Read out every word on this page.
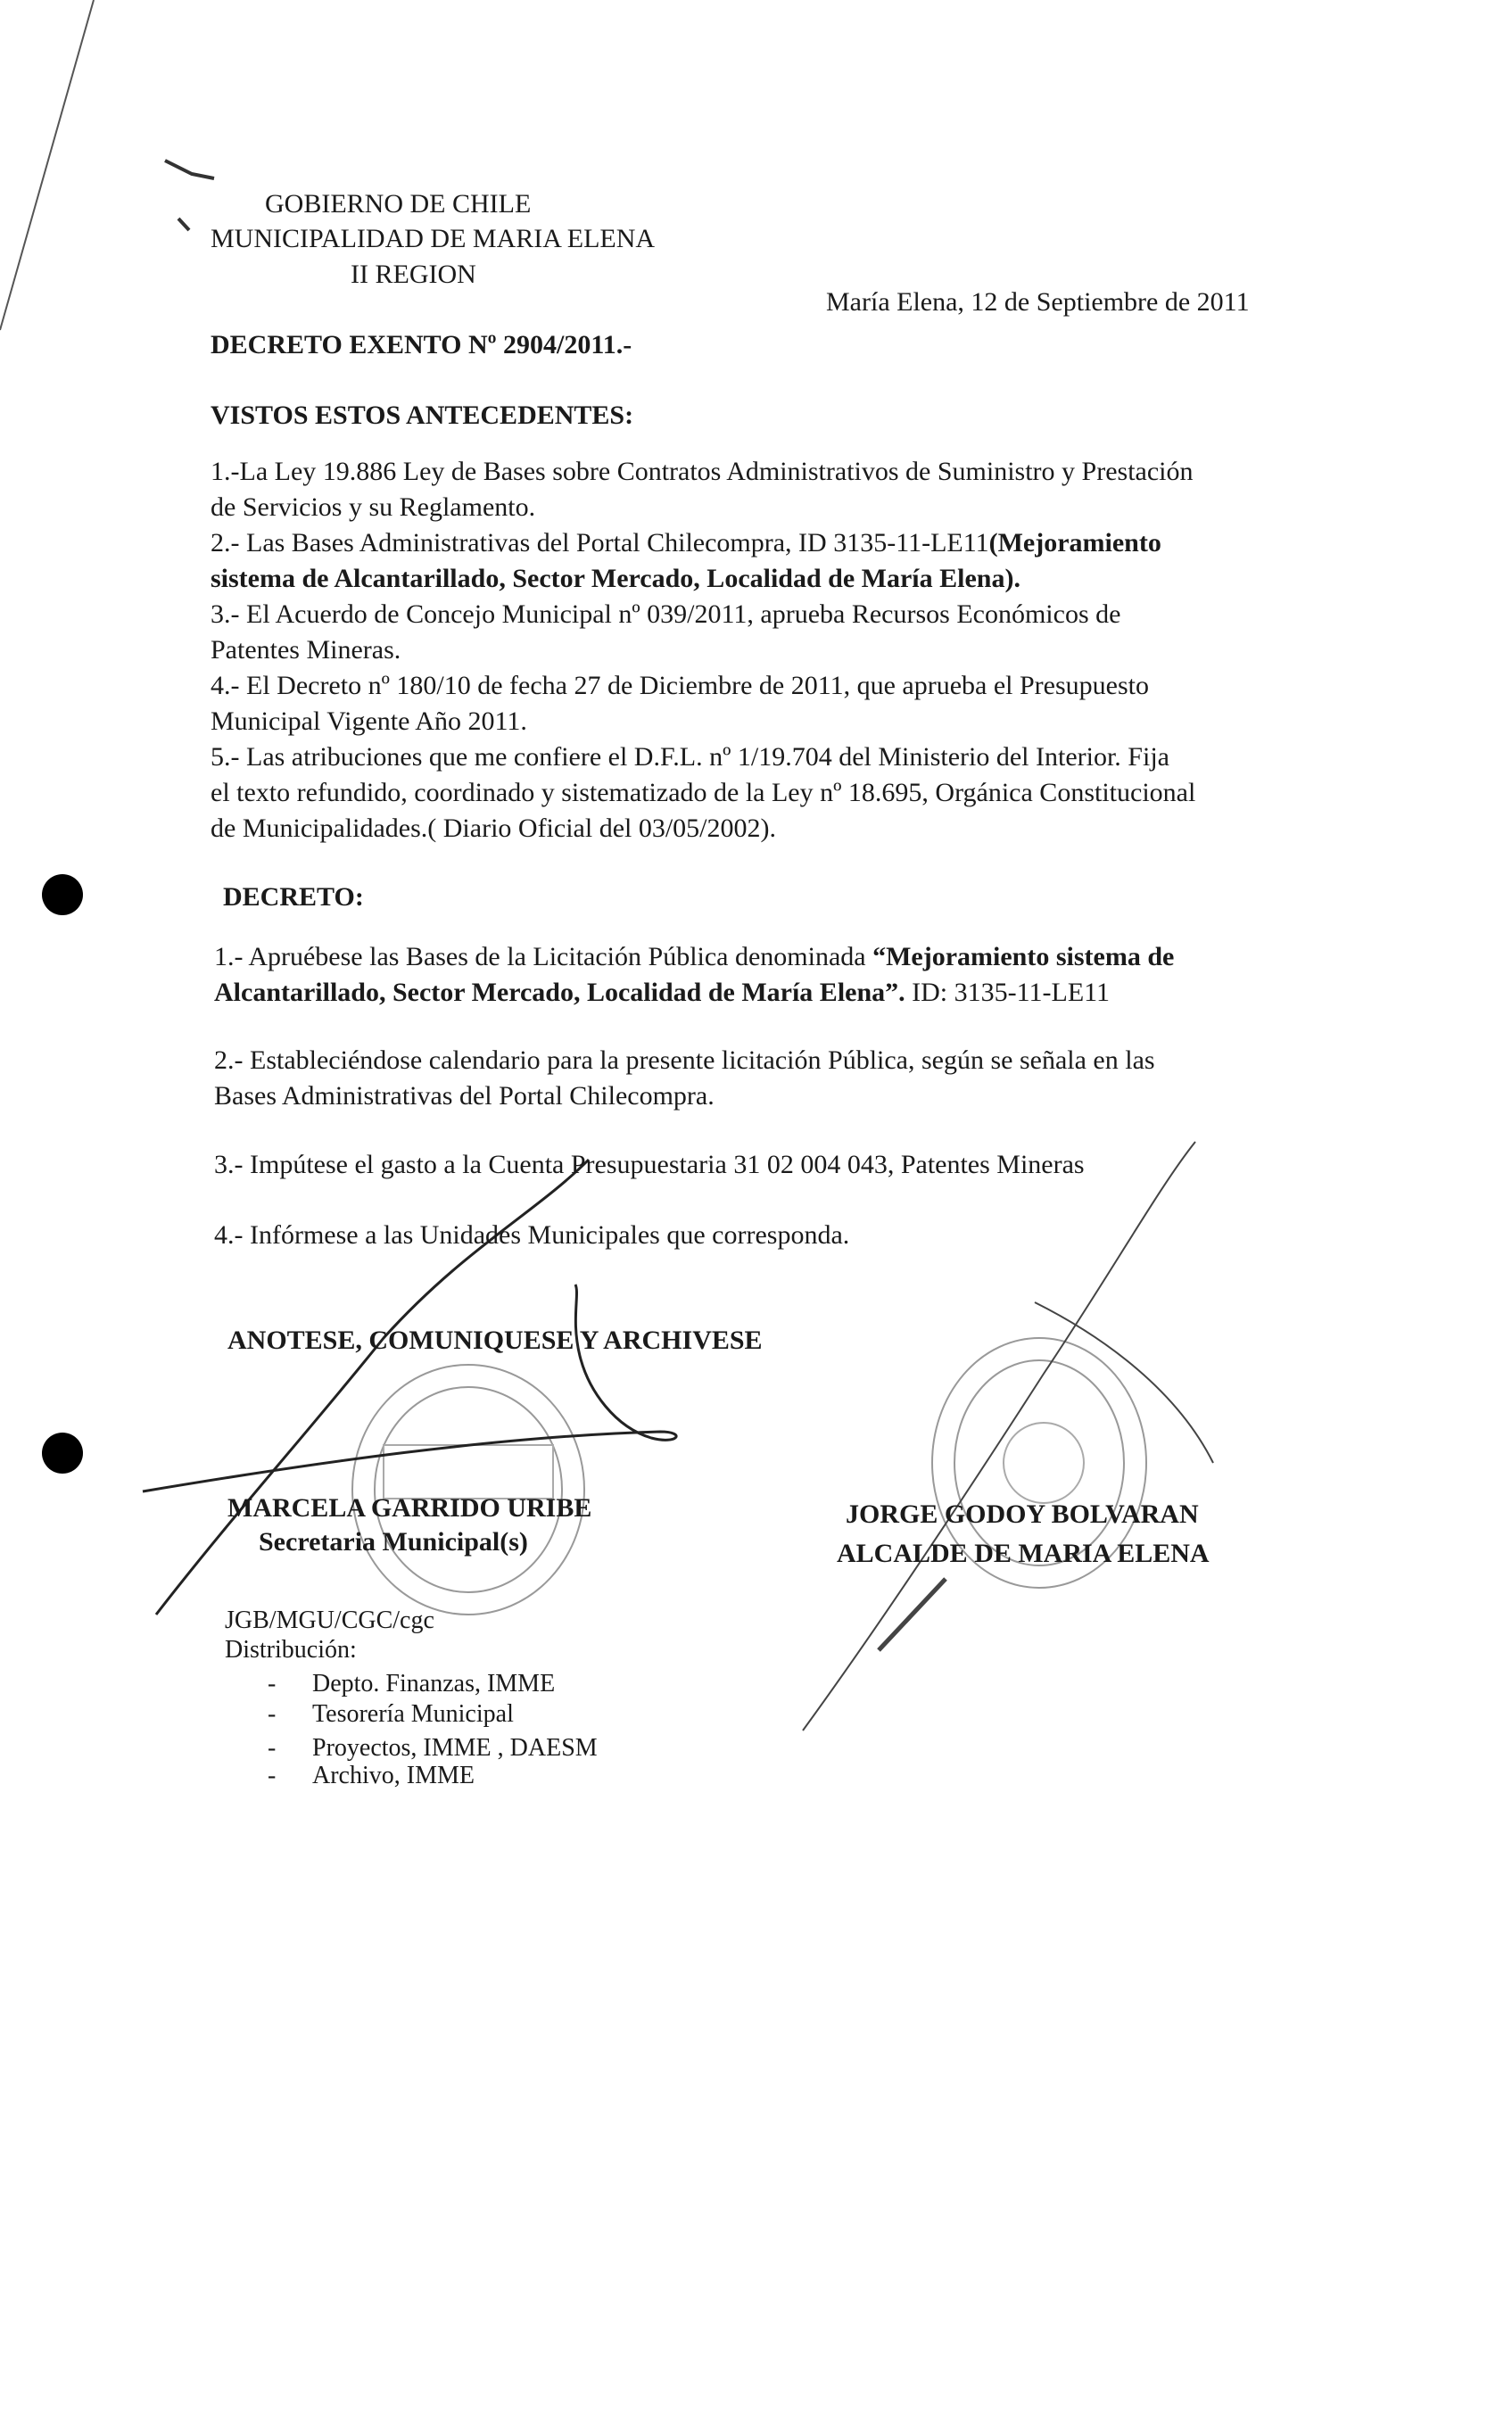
GOBIERNO DE CHILE
MUNICIPALIDAD DE MARIA ELENA
II REGION
María Elena, 12 de Septiembre de 2011
DECRETO EXENTO Nº 2904/2011.-
VISTOS ESTOS ANTECEDENTES:
1.-La Ley 19.886 Ley de Bases sobre Contratos Administrativos de Suministro y Prestación
de Servicios y su Reglamento.
2.- Las Bases Administrativas del Portal Chilecompra, ID 3135-11-LE11(Mejoramiento
sistema de Alcantarillado, Sector Mercado, Localidad de María Elena).
3.- El Acuerdo de Concejo Municipal nº 039/2011, aprueba Recursos Económicos de
Patentes Mineras.
4.- El Decreto nº 180/10 de fecha 27 de Diciembre de 2011, que aprueba el Presupuesto
Municipal Vigente Año 2011.
5.- Las atribuciones que me confiere el D.F.L. nº 1/19.704 del Ministerio del Interior. Fija
el texto refundido, coordinado y sistematizado de la Ley nº 18.695, Orgánica Constitucional
de Municipalidades.( Diario Oficial del 03/05/2002).
DECRETO:
1.- Apruébese las Bases de la Licitación Pública denominada “Mejoramiento sistema de
Alcantarillado, Sector Mercado, Localidad de María Elena”. ID: 3135-11-LE11
2.- Estableciéndose calendario para la presente licitación Pública, según se señala en las
Bases Administrativas del Portal Chilecompra.
3.- Impútese el gasto a la Cuenta Presupuestaria 31 02 004 043, Patentes Mineras
4.- Infórmese a las Unidades Municipales que corresponda.
ANOTESE, COMUNIQUESE Y ARCHIVESE
MARCELA GARRIDO URIBE
Secretaria Municipal(s)
JORGE GODOY BOLVARAN
ALCALDE DE MARIA ELENA
JGB/MGU/CGC/cgc
Distribución:
- Depto. Finanzas, IMME
- Tesorería Municipal
- Proyectos, IMME , DAESM
- Archivo, IMME
